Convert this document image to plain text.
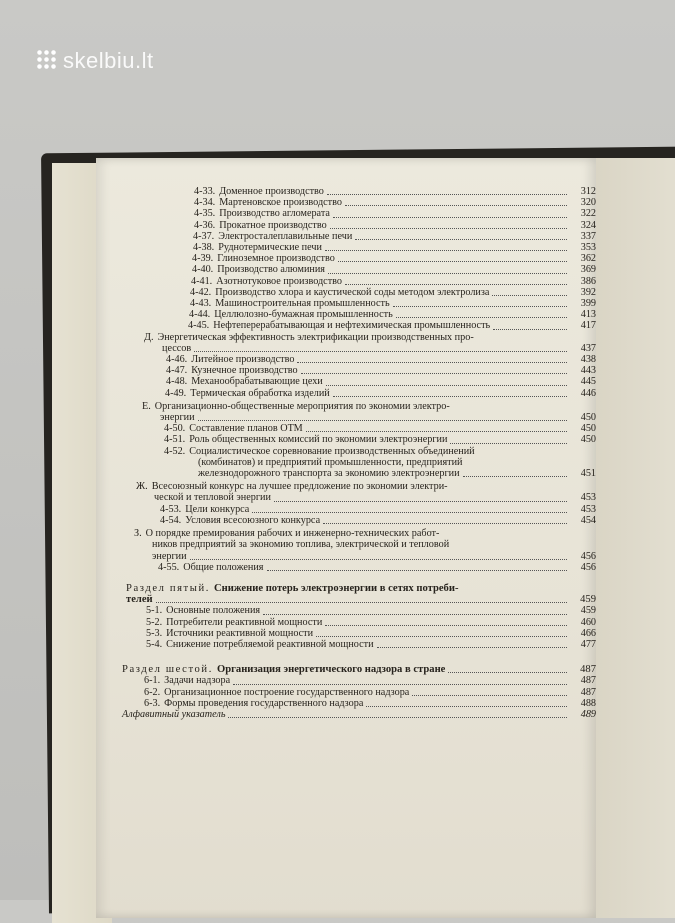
skelbiu.lt
4-33. Доменное производство	312
4-34. Мартеновское производство	320
4-35. Производство агломерата	322
4-36. Прокатное производство	324
4-37. Электросталеплавильные печи	337
4-38. Руднотермические печи	353
4-39. Глиноземное производство	362
4-40. Производство алюминия	369
4-41. Азотнотуковое производство	386
4-42. Производство хлора и каустической соды методом электролиза	392
4-43. Машиностроительная промышленность	399
4-44. Целлюлозно-бумажная промышленность	413
4-45. Нефтеперерабатывающая и нефтехимическая промышленность	417
Д. Энергетическая эффективность электрификации производственных про-
цессов	437
4-46. Литейное производство	438
4-47. Кузнечное производство	443
4-48. Механообрабатывающие цехи	445
4-49. Термическая обработка изделий	446
Е. Организационно-общественные мероприятия по экономии электро-
энергии	450
4-50. Составление планов ОТМ	450
4-51. Роль общественных комиссий по экономии электроэнергии	450
4-52. Социалистическое соревнование производственных объединений
(комбинатов) и предприятий промышленности, предприятий
железнодорожного транспорта за экономию электроэнергии	451
Ж. Всесоюзный конкурс на лучшее предложение по экономии электри-
ческой и тепловой энергии	453
4-53. Цели конкурса	453
4-54. Условия всесоюзного конкурса	454
З. О порядке премирования рабочих и инженерно-технических работ-
ников предприятий за экономию топлива, электрической и тепловой
энергии	456
4-55. Общие положения	456
Раздел пятый. Снижение потерь электроэнергии в сетях потреби-
телей	459
5-1. Основные положения	459
5-2. Потребители реактивной мощности	460
5-3. Источники реактивной мощности	466
5-4. Снижение потребляемой реактивной мощности	477
Раздел шестой. Организация энергетического надзора в стране	487
6-1. Задачи надзора	487
6-2. Организационное построение государственного надзора	487
6-3. Формы проведения государственного надзора	488
Алфавитный указатель	489
